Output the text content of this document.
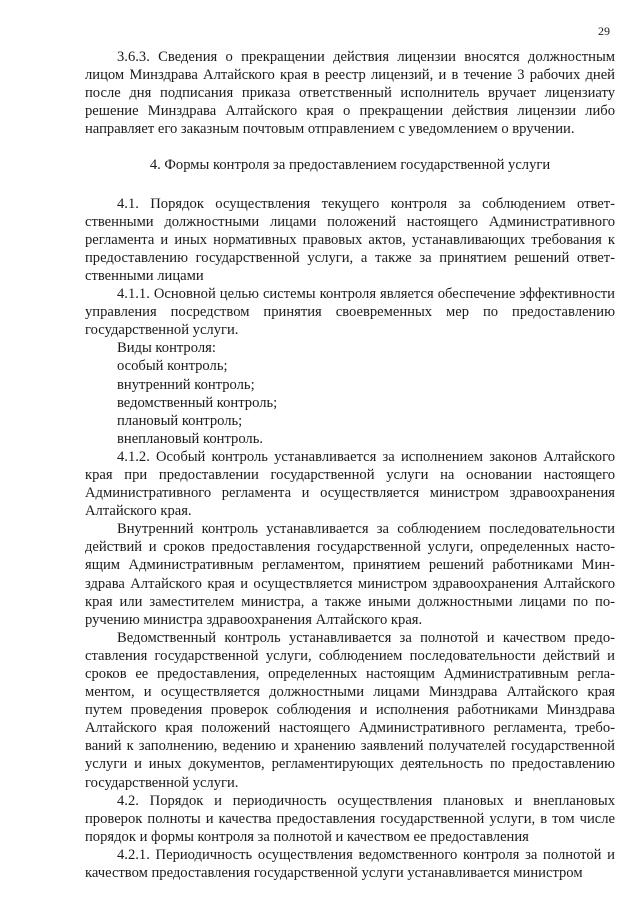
29

3.6.3. Сведения о прекращении действия лицензии вносятся должностным лицом Минздрава Алтайского края в реестр лицензий, и в течение 3 рабочих дней после дня подписания приказа ответственный исполнитель вручает лицензиату решение Минздрава Алтайского края о прекращении действия лицензии либо направляет его заказным почтовым отправлением с уведомлением о вручении.

4. Формы контроля за предоставлением государственной услуги

4.1. Порядок осуществления текущего контроля за соблюдением ответственными должностными лицами положений настоящего Административного регламента и иных нормативных правовых актов, устанавливающих требования к предоставлению государственной услуги, а также за принятием решений ответственными лицами

4.1.1. Основной целью системы контроля является обеспечение эффективности управления посредством принятия своевременных мер по предоставлению государственной услуги.

Виды контроля:

особый контроль;
внутренний контроль;
ведомственный контроль;
плановый контроль;
внеплановый контроль.

4.1.2. Особый контроль устанавливается за исполнением законов Алтайского края при предоставлении государственной услуги на основании настоящего Административного регламента и осуществляется министром здравоохранения Алтайского края.

Внутренний контроль устанавливается за соблюдением последовательности действий и сроков предоставления государственной услуги, определенных настоящим Административным регламентом, принятием решений работниками Минздрава Алтайского края и осуществляется министром здравоохранения Алтайского края или заместителем министра, а также иными должностными лицами по поручению министра здравоохранения Алтайского края.

Ведомственный контроль устанавливается за полнотой и качеством предоставления государственной услуги, соблюдением последовательности действий и сроков ее предоставления, определенных настоящим Административным регламентом, и осуществляется должностными лицами Минздрава Алтайского края путем проведения проверок соблюдения и исполнения работниками Минздрава Алтайского края положений настоящего Административного регламента, требований к заполнению, ведению и хранению заявлений получателей государственной услуги и иных документов, регламентирующих деятельность по предоставлению государственной услуги.

4.2. Порядок и периодичность осуществления плановых и внеплановых проверок полноты и качества предоставления государственной услуги, в том числе порядок и формы контроля за полнотой и качеством ее предоставления

4.2.1. Периодичность осуществления ведомственного контроля за полнотой и качеством предоставления государственной услуги устанавливается министром
